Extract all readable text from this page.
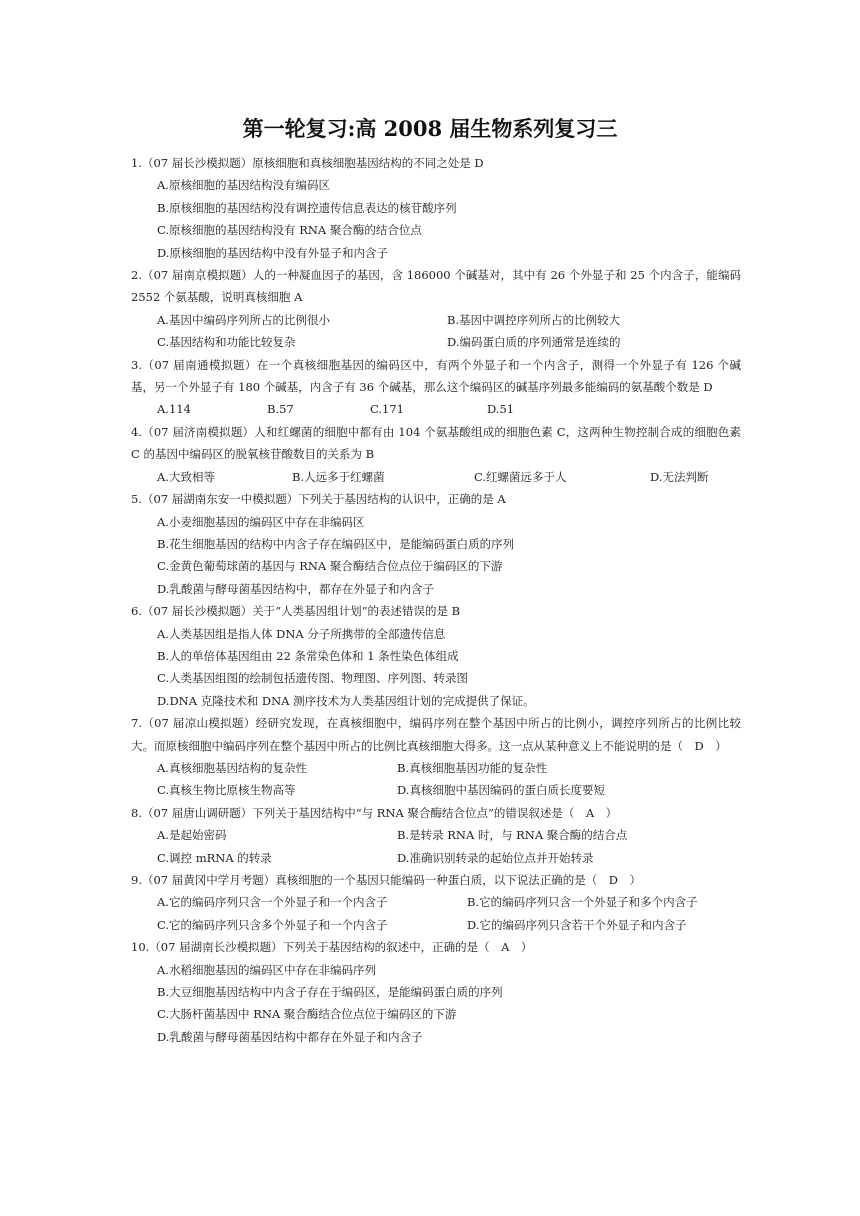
第一轮复习:高 2008 届生物系列复习三

1.（07 届长沙模拟题）原核细胞和真核细胞基因结构的不同之处是 D

A.原核细胞的基因结构没有编码区

B.原核细胞的基因结构没有调控遗传信息表达的核苷酸序列

C.原核细胞的基因结构没有 RNA 聚合酶的结合位点

D.原核细胞的基因结构中没有外显子和内含子

2.（07 届南京模拟题）人的一种凝血因子的基因，含 186000 个碱基对，其中有 26 个外显子和 25 个内含子，能编码 2552 个氨基酸，说明真核细胞 A

A.基因中编码序列所占的比例很小	B.基因中调控序列所占的比例较大
C.基因结构和功能比较复杂	D.编码蛋白质的序列通常是连续的

3.（07 届南通模拟题）在一个真核细胞基因的编码区中，有两个外显子和一个内含子，测得一个外显子有 126 个碱基，另一个外显子有 180 个碱基，内含子有 36 个碱基，那么这个编码区的碱基序列最多能编码的氨基酸个数是 D

A.114	B.57	C.171	D.51

4.（07 届济南模拟题）人和红螺菌的细胞中都有由 104 个氨基酸组成的细胞色素 C，这两种生物控制合成的细胞色素 C 的基因中编码区的脱氧核苷酸数目的关系为 B

A.大致相等	B.人远多于红螺菌	C.红螺菌远多于人	D.无法判断

5.（07 届湖南东安一中模拟题）下列关于基因结构的认识中，正确的是 A

A.小麦细胞基因的编码区中存在非编码区

B.花生细胞基因的结构中内含子存在编码区中，是能编码蛋白质的序列

C.金黄色葡萄球菌的基因与 RNA 聚合酶结合位点位于编码区的下游

D.乳酸菌与酵母菌基因结构中，都存在外显子和内含子

6.（07 届长沙模拟题）关于“人类基因组计划”的表述错误的是 B

A.人类基因组是指人体 DNA 分子所携带的全部遗传信息

B.人的单倍体基因组由 22 条常染色体和 1 条性染色体组成

C.人类基因组图的绘制包括遗传图、物理图、序列图、转录图

D.DNA 克隆技术和 DNA 测序技术为人类基因组计划的完成提供了保证。

7.（07 届凉山模拟题）经研究发现，在真核细胞中，编码序列在整个基因中所占的比例小，调控序列所占的比例比较大。而原核细胞中编码序列在整个基因中所占的比例比真核细胞大得多。这一点从某种意义上不能说明的是（　D　）

A.真核细胞基因结构的复杂性	B.真核细胞基因功能的复杂性
C.真核生物比原核生物高等	D.真核细胞中基因编码的蛋白质长度要短

8.（07 届唐山调研题）下列关于基因结构中“与 RNA 聚合酶结合位点”的错误叙述是（　A　）

A.是起始密码	B.是转录 RNA 时，与 RNA 聚合酶的结合点
C.调控 mRNA 的转录	D.准确识别转录的起始位点并开始转录

9.（07 届黄冈中学月考题）真核细胞的一个基因只能编码一种蛋白质，以下说法正确的是（　D　）

A.它的编码序列只含一个外显子和一个内含子	B.它的编码序列只含一个外显子和多个内含子
C.它的编码序列只含多个外显子和一个内含子	D.它的编码序列只含若干个外显子和内含子

10.（07 届湖南长沙模拟题）下列关于基因结构的叙述中，正确的是（　A　）

A.水稻细胞基因的编码区中存在非编码序列

B.大豆细胞基因结构中内含子存在于编码区，是能编码蛋白质的序列

C.大肠杆菌基因中 RNA 聚合酶结合位点位于编码区的下游

D.乳酸菌与酵母菌基因结构中都存在外显子和内含子
